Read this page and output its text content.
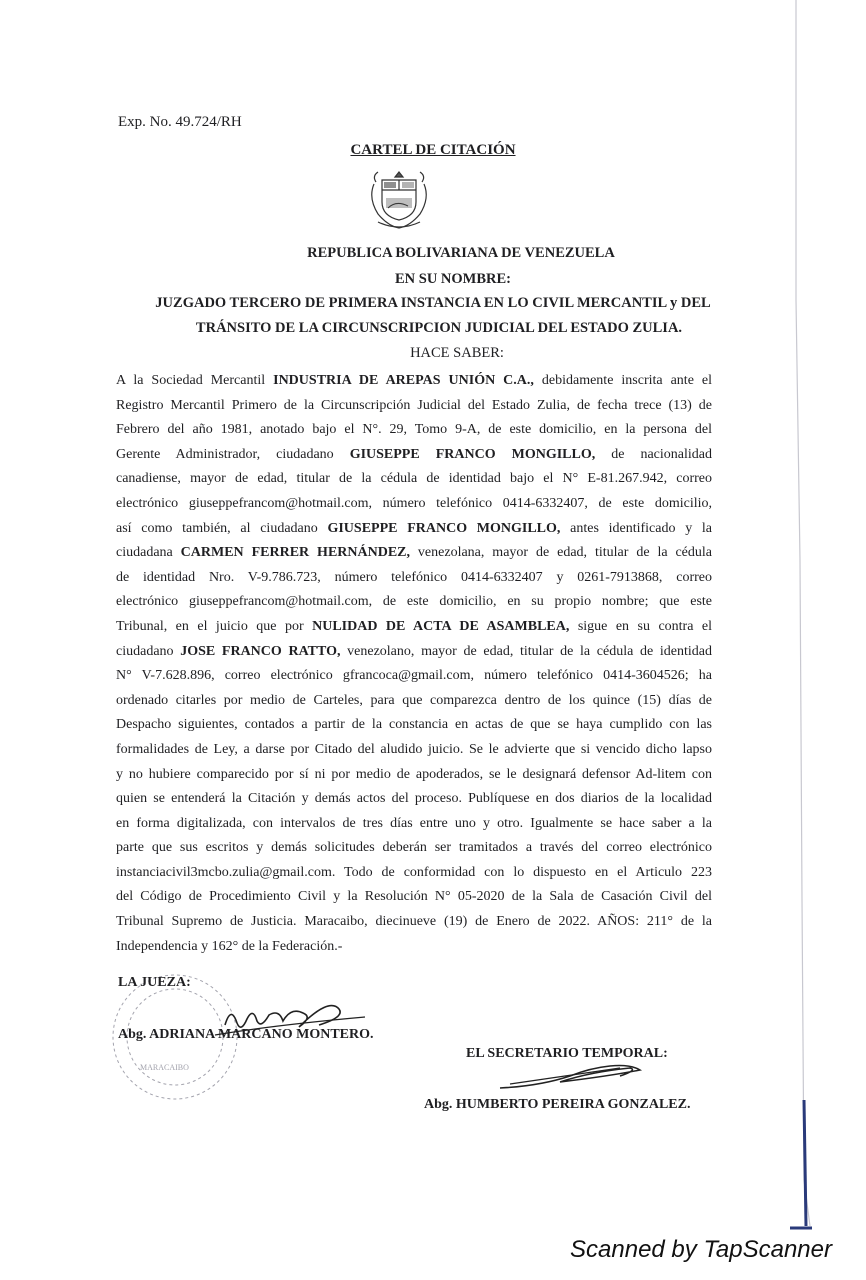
Exp. No. 49.724/RH
CARTEL DE CITACIÓN
REPUBLICA BOLIVARIANA DE VENEZUELA
EN SU NOMBRE:
JUZGADO TERCERO DE PRIMERA INSTANCIA EN LO CIVIL MERCANTIL y DEL
TRÁNSITO DE LA CIRCUNSCRIPCION JUDICIAL DEL ESTADO ZULIA.
HACE SABER:
A la Sociedad Mercantil INDUSTRIA DE AREPAS UNIÓN C.A., debidamente inscrita ante el
Registro Mercantil Primero de la Circunscripción Judicial del Estado Zulia, de fecha trece (13) de
Febrero del año 1981, anotado bajo el N°. 29, Tomo 9-A, de este domicilio, en la persona del
Gerente Administrador, ciudadano GIUSEPPE FRANCO MONGILLO, de nacionalidad
canadiense, mayor de edad, titular de la cédula de identidad bajo el N° E-81.267.942, correo
electrónico giuseppefrancom@hotmail.com, número telefónico 0414-6332407, de este domicilio,
así como también, al ciudadano GIUSEPPE FRANCO MONGILLO, antes identificado y la
ciudadana CARMEN FERRER HERNÁNDEZ, venezolana, mayor de edad, titular de la cédula
de identidad Nro. V-9.786.723, número telefónico 0414-6332407 y 0261-7913868, correo
electrónico giuseppefrancom@hotmail.com, de este domicilio, en su propio nombre; que este
Tribunal, en el juicio que por NULIDAD DE ACTA DE ASAMBLEA, sigue en su contra el
ciudadano JOSE FRANCO RATTO, venezolano, mayor de edad, titular de la cédula de identidad
N° V-7.628.896, correo electrónico gfrancoca@gmail.com, número telefónico 0414-3604526; ha
ordenado citarles por medio de Carteles, para que comparezca dentro de los quince (15) días de
Despacho siguientes, contados a partir de la constancia en actas de que se haya cumplido con las
formalidades de Ley, a darse por Citado del aludido juicio. Se le advierte que si vencido dicho lapso
y no hubiere comparecido por sí ni por medio de apoderados, se le designará defensor Ad-litem con
quien se entenderá la Citación y demás actos del proceso. Publíquese en dos diarios de la localidad
en forma digitalizada, con intervalos de tres días entre uno y otro. Igualmente se hace saber a la
parte que sus escritos y demás solicitudes deberán ser tramitados a través del correo electrónico
instanciacivil3mcbo.zulia@gmail.com. Todo de conformidad con lo dispuesto en el Articulo 223
del Código de Procedimiento Civil y la Resolución N° 05-2020 de la Sala de Casación Civil del
Tribunal Supremo de Justicia. Maracaibo, diecinueve (19) de Enero de 2022. AÑOS: 211° de la
Independencia y 162° de la Federación.-
MARACAIBO
LA JUEZA:
Abg. ADRIANA MARCANO MONTERO.
EL SECRETARIO TEMPORAL:
Abg. HUMBERTO PEREIRA GONZALEZ.
Scanned by TapScanner
